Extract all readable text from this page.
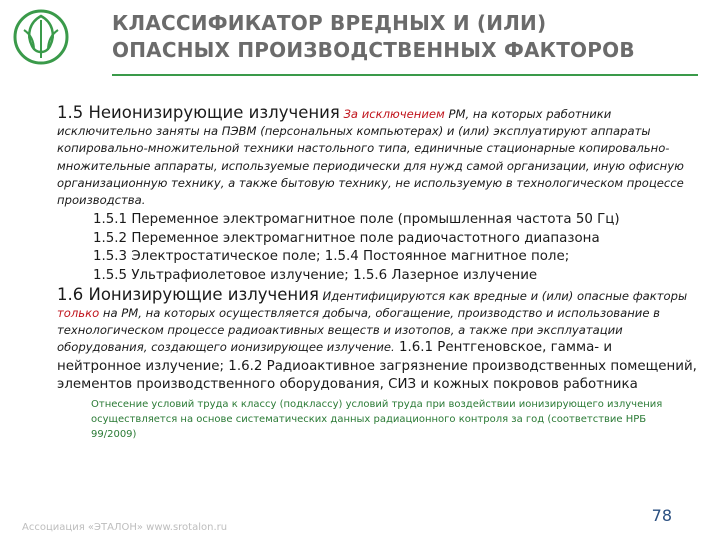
КЛАССИФИКАТОР ВРЕДНЫХ И (ИЛИ)
ОПАСНЫХ ПРОИЗВОДСТВЕННЫХ ФАКТОРОВ

1.5 Неионизирующие излучения За исключением РМ, на которых работники исключительно заняты на ПЭВМ (персональных компьютерах) и (или) эксплуатируют аппараты копировально-множительной техники настольного типа, единичные стационарные копировально-множительные аппараты, используемые периодически для нужд самой организации, иную офисную организационную технику, а также бытовую технику, не используемую в технологическом процессе производства.

1.5.1 Переменное электромагнитное поле (промышленная частота 50 Гц)
1.5.2 Переменное электромагнитное поле радиочастотного диапазона
1.5.3 Электростатическое поле; 1.5.4 Постоянное магнитное поле;
1.5.5 Ультрафиолетовое излучение; 1.5.6 Лазерное излучение

1.6 Ионизирующие излучения Идентифицируются как вредные и (или) опасные факторы только на РМ, на которых осуществляется добыча, обогащение, производство и использование в технологическом процессе радиоактивных веществ и изотопов, а также при эксплуатации оборудования, создающего ионизирующее излучение. 1.6.1 Рентгеновское, гамма- и нейтронное излучение; 1.6.2 Радиоактивное загрязнение производственных помещений, элементов производственного оборудования, СИЗ и кожных покровов работника

Отнесение условий труда к классу (подклассу) условий труда при воздействии ионизирующего излучения осуществляется на основе систематических данных радиационного контроля за год (соответствие НРБ 99/2009)
Ассоциация «ЭТАЛОН» www.srotalon.ru
78
